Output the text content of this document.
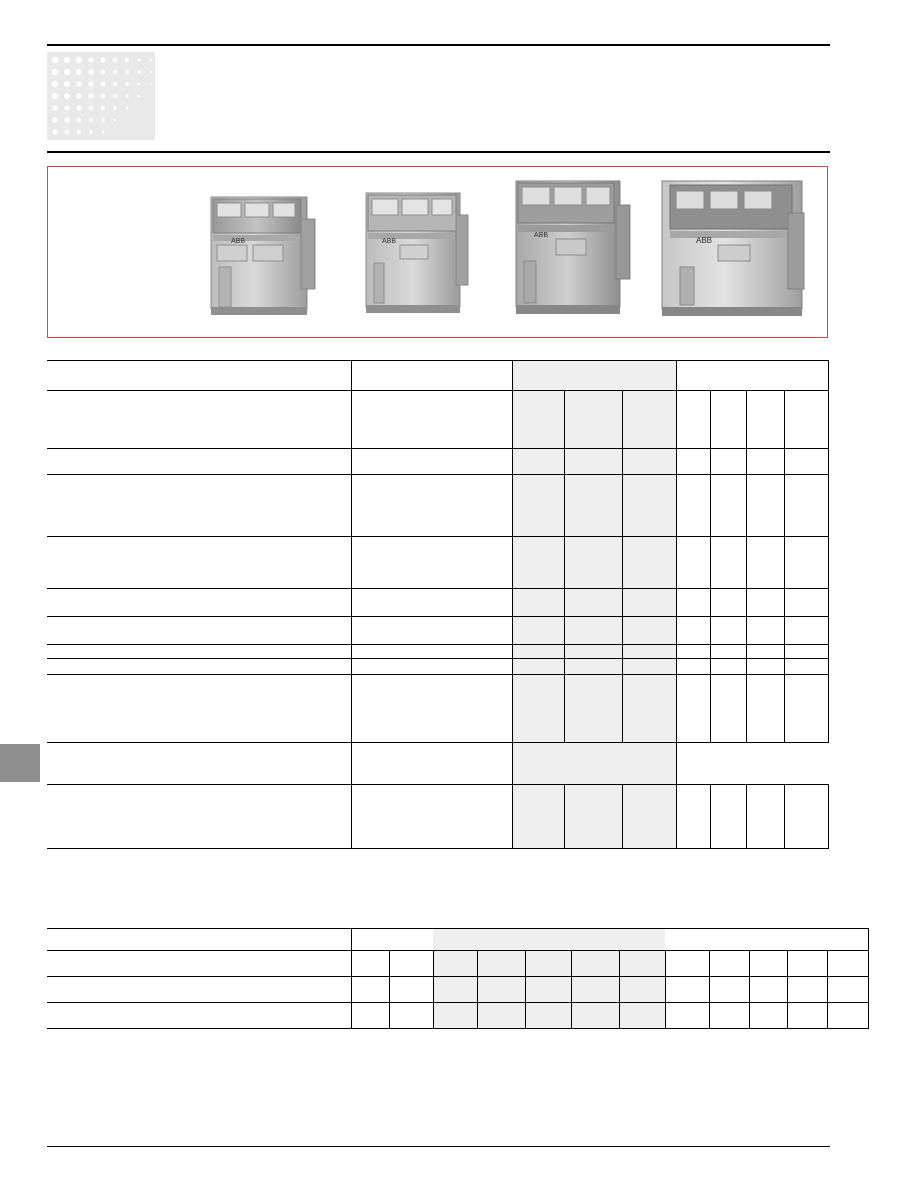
ABB	ABB
ABB
ABB
